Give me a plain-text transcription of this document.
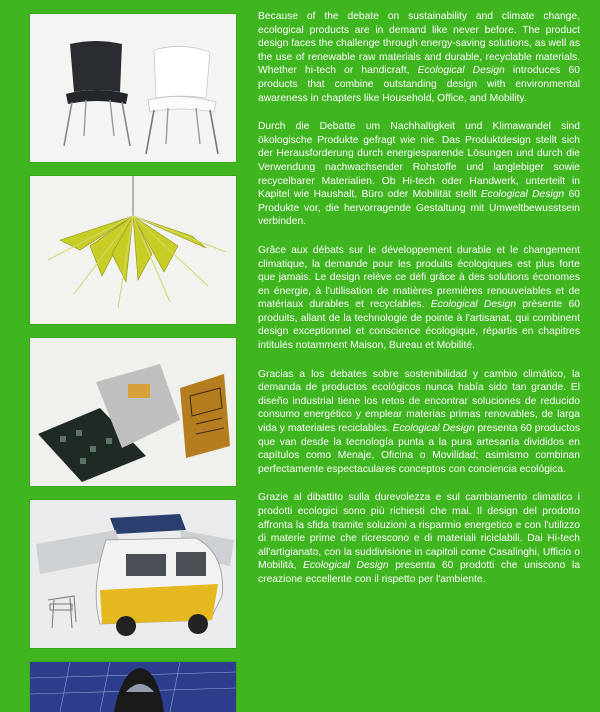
Because of the debate on sustainability and climate change, ecological products are in demand like never before. The product design faces the challenge through energy-saving solutions, as well as the use of renewable raw materials and durable, recyclable materials. Whether hi-tech or handicraft, Ecological Design introduces 60 products that combine outstanding design with environmental awareness in chapters like Household, Office, and Mobility.

Durch die Debatte um Nachhaltigkeit und Klimawandel sind ökologische Produkte gefragt wie nie. Das Produktdesign stellt sich der Herausforderung durch energiesparende Lösungen und durch die Verwendung nachwachsender Rohstoffe und langlebiger sowie recycelbarer Materialien. Ob Hi-tech oder Handwerk, unterteilt in Kapitel wie Haushalt, Büro oder Mobilität stellt Ecological Design 60 Produkte vor, die hervorragende Gestaltung mit Umweltbewusstsein verbinden.

Grâce aux débats sur le développement durable et le changement climatique, la demande pour les produits écologiques est plus forte que jamais. Le design relève ce défi grâce à des solutions économes en énergie, à l'utilisation de matières premières renouvelables et de matériaux durables et recyclables. Ecological Design présente 60 produits, allant de la technologie de pointe à l'artisanat, qui combinent design exceptionnel et conscience écologique, répartis en chapitres intitulés notamment Maison, Bureau et Mobilité.

Gracias a los debates sobre sostenibilidad y cambio climático, la demanda de productos ecológicos nunca había sido tan grande. El diseño industrial tiene los retos de encontrar soluciones de reducido consumo energético y emplear materias primas renovables, de larga vida y materiales reciclables. Ecological Design presenta 60 productos que van desde la tecnología punta a la pura artesanía divididos en capítulos como Menaje, Oficina o Movilidad; asimismo combinan perfectamente espectaculares conceptos con conciencia ecológica.

Grazie al dibattito sulla durevolezza e sul cambiamento climatico i prodotti ecologici sono più richiesti che mai. Il design del prodotto affronta la sfida tramite soluzioni a risparmio energetico e con l'utilizzo di materie prime che ricrescono e di materiali riciclabili. Dai Hi-tech all'artigianato, con la suddivisione in capitoli come Casalinghi, Ufficio o Mobilità, Ecological Design presenta 60 prodotti che uniscono la creazione eccellente con il rispetto per l'ambiente.
